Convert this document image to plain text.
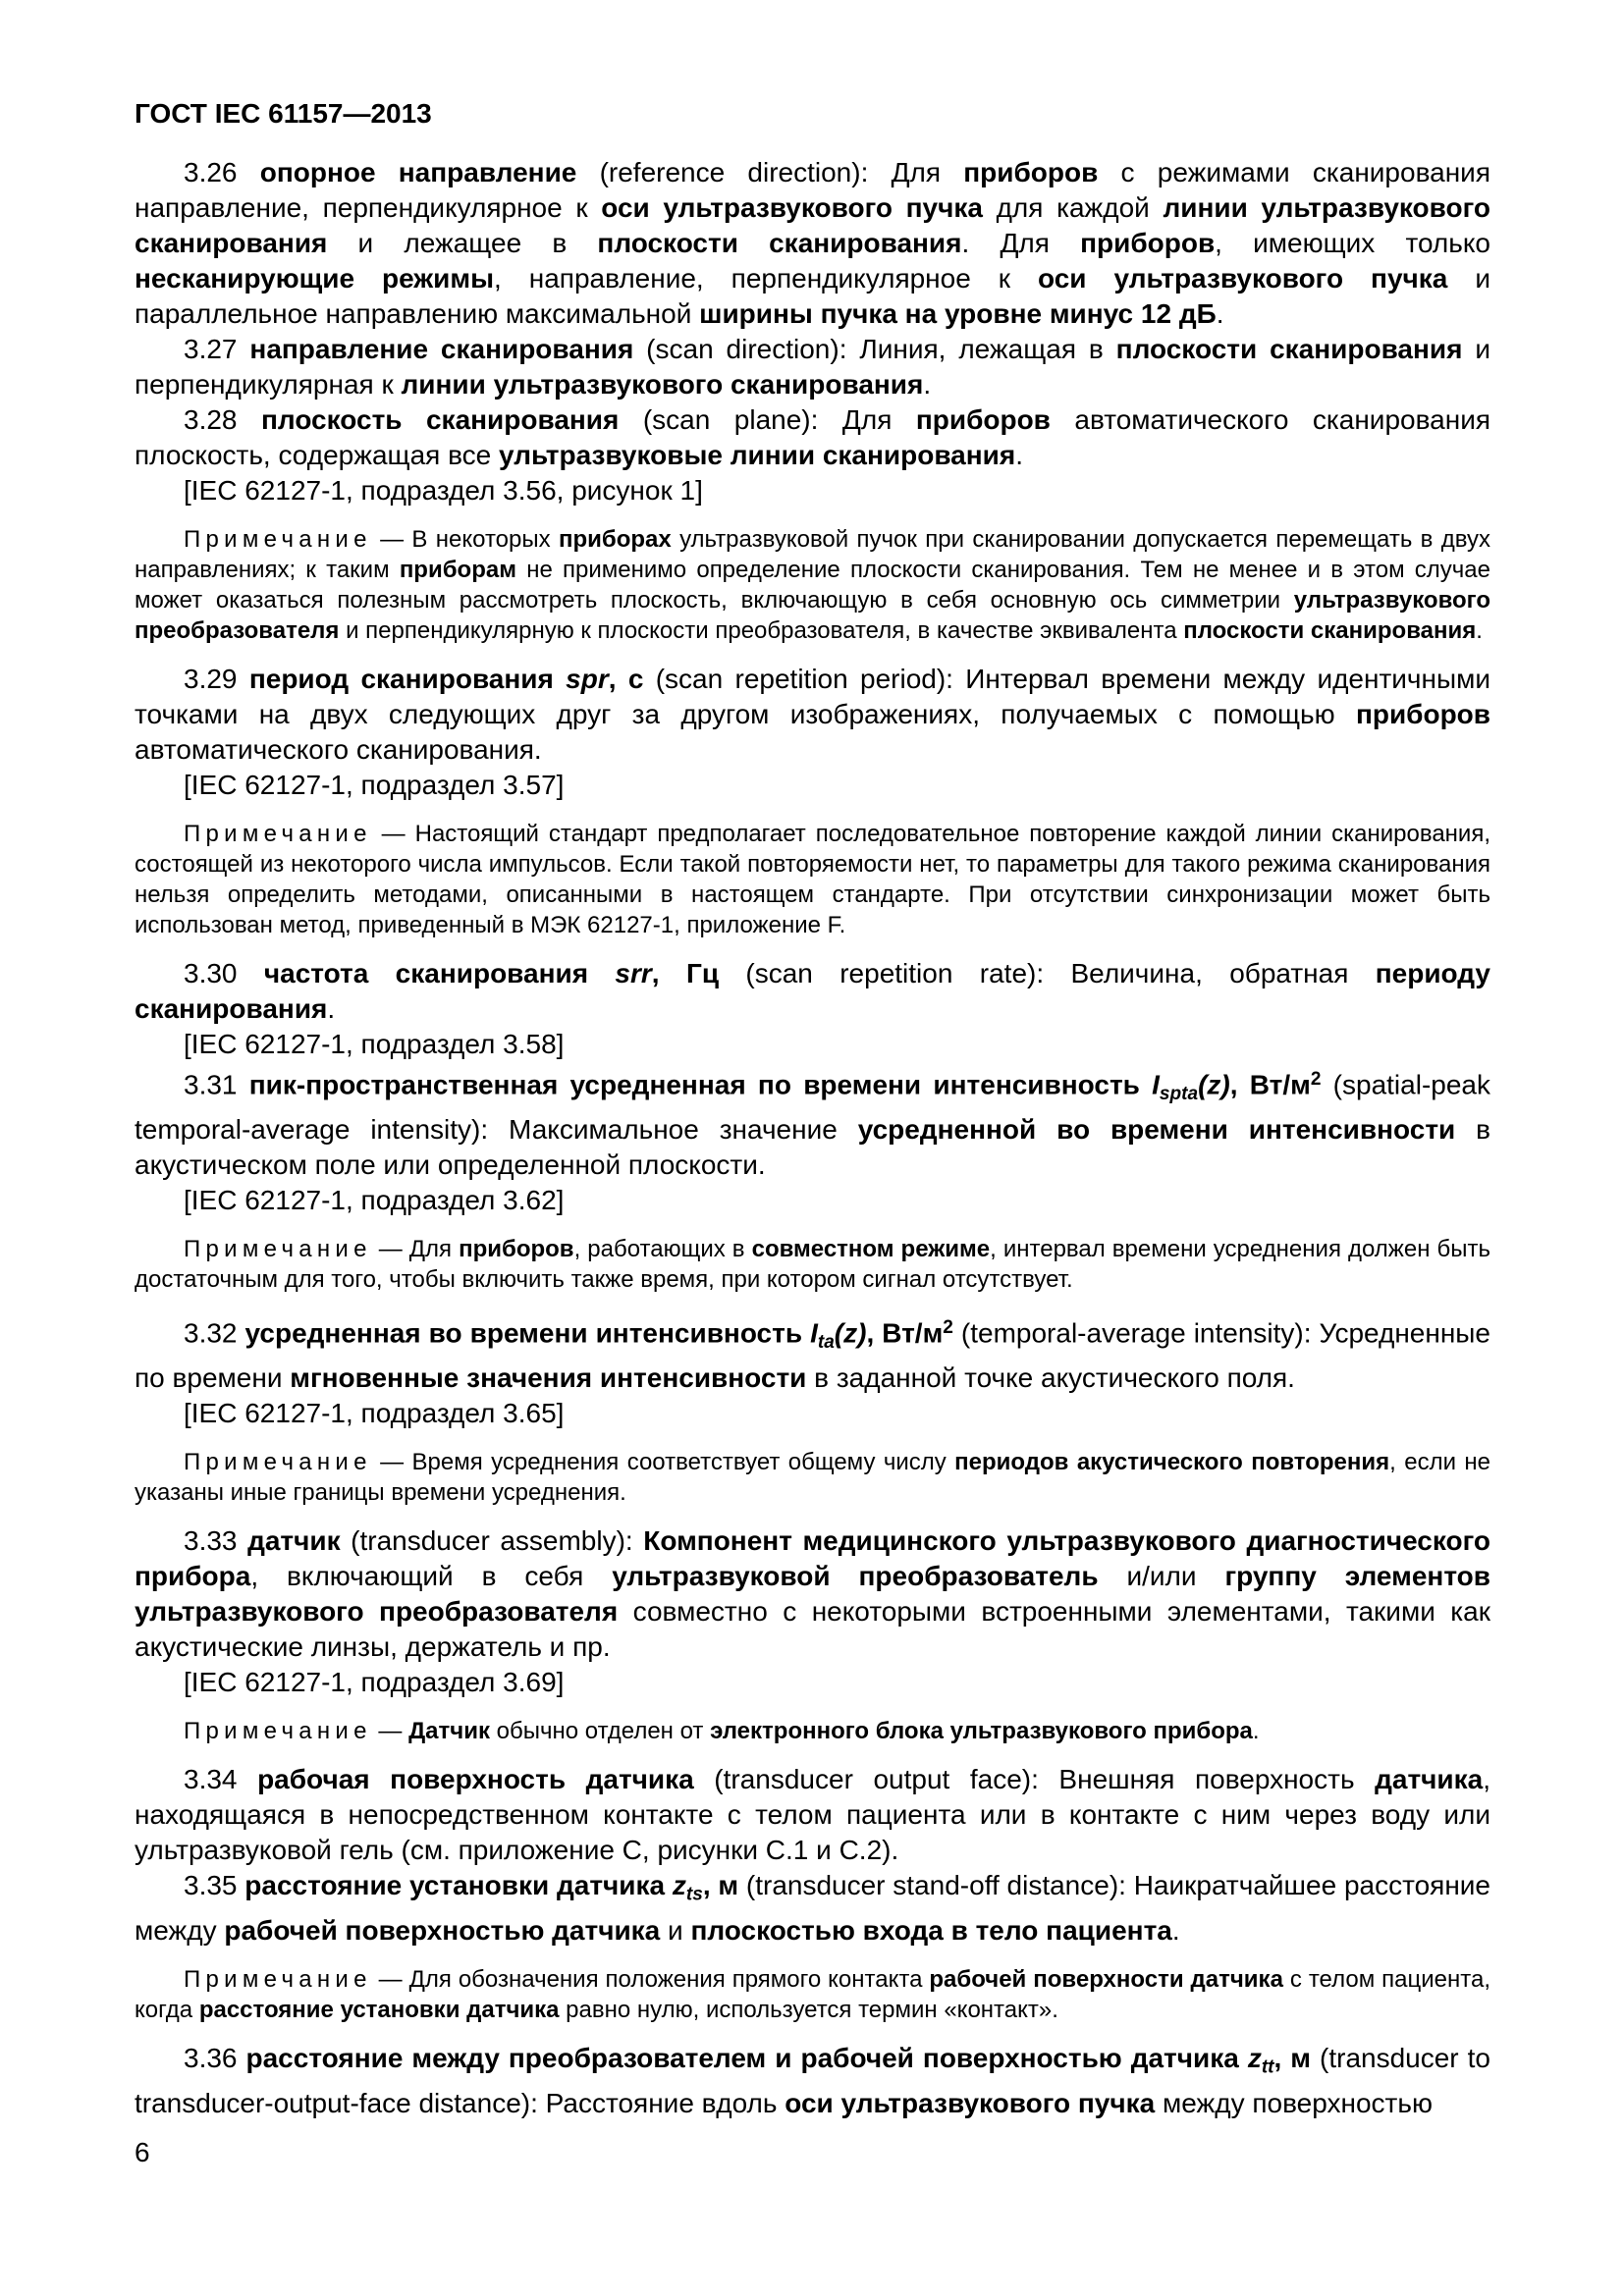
ГОСТ IEC 61157—2013

3.26 опорное направление (reference direction): Для приборов с режимами сканирования направление, перпендикулярное к оси ультразвукового пучка для каждой линии ультразвукового сканирования и лежащее в плоскости сканирования. Для приборов, имеющих только несканирующие режимы, направление, перпендикулярное к оси ультразвукового пучка и параллельное направлению максимальной ширины пучка на уровне минус 12 дБ.

3.27 направление сканирования (scan direction): Линия, лежащая в плоскости сканирования и перпендикулярная к линии ультразвукового сканирования.

3.28 плоскость сканирования (scan plane): Для приборов автоматического сканирования плоскость, содержащая все ультразвуковые линии сканирования.

[IEC 62127-1, подраздел 3.56, рисунок 1]

Примечание — В некоторых приборах ультразвуковой пучок при сканировании допускается перемещать в двух направлениях; к таким приборам не применимо определение плоскости сканирования. Тем не менее и в этом случае может оказаться полезным рассмотреть плоскость, включающую в себя основную ось симметрии ультразвукового преобразователя и перпендикулярную к плоскости преобразователя, в качестве эквивалента плоскости сканирования.

3.29 период сканирования spr, с (scan repetition period): Интервал времени между идентичными точками на двух следующих друг за другом изображениях, получаемых с помощью приборов автоматического сканирования.

[IEC 62127-1, подраздел 3.57]

Примечание — Настоящий стандарт предполагает последовательное повторение каждой линии сканирования, состоящей из некоторого числа импульсов. Если такой повторяемости нет, то параметры для такого режима сканирования нельзя определить методами, описанными в настоящем стандарте. При отсутствии синхронизации может быть использован метод, приведенный в МЭК 62127-1, приложение F.

3.30 частота сканирования srr, Гц (scan repetition rate): Величина, обратная периоду сканирования.

[IEC 62127-1, подраздел 3.58]

3.31 пик-пространственная усредненная по времени интенсивность $I_{spta}(z)$, $Вт/м^2$ (spatial-peak temporal-average intensity): Максимальное значение усредненной во времени интенсивности в акустическом поле или определенной плоскости.

[IEC 62127-1, подраздел 3.62]

Примечание — Для приборов, работающих в совместном режиме, интервал времени усреднения должен быть достаточным для того, чтобы включить также время, при котором сигнал отсутствует.

3.32 усредненная во времени интенсивность $I_{ta}(z)$, $Вт/м^2$ (temporal-average intensity): Усредненные по времени мгновенные значения интенсивности в заданной точке акустического поля.

[IEC 62127-1, подраздел 3.65]

Примечание — Время усреднения соответствует общему числу периодов акустического повторения, если не указаны иные границы времени усреднения.

3.33 датчик (transducer assembly): Компонент медицинского ультразвукового диагностического прибора, включающий в себя ультразвуковой преобразователь и/или группу элементов ультразвукового преобразователя совместно с некоторыми встроенными элементами, такими как акустические линзы, держатель и пр.

[IEC 62127-1, подраздел 3.69]

Примечание — Датчик обычно отделен от электронного блока ультразвукового прибора.

3.34 рабочая поверхность датчика (transducer output face): Внешняя поверхность датчика, находящаяся в непосредственном контакте с телом пациента или в контакте с ним через воду или ультразвуковой гель (см. приложение C, рисунки C.1 и C.2).

3.35 расстояние установки датчика $z_{ts}$, м (transducer stand-off distance): Наикратчайшее расстояние между рабочей поверхностью датчика и плоскостью входа в тело пациента.

Примечание — Для обозначения положения прямого контакта рабочей поверхности датчика с телом пациента, когда расстояние установки датчика равно нулю, используется термин «контакт».

3.36 расстояние между преобразователем и рабочей поверхностью датчика $z_{tt}$, м (transducer to transducer-output-face distance): Расстояние вдоль оси ультразвукового пучка между поверхностью

6
